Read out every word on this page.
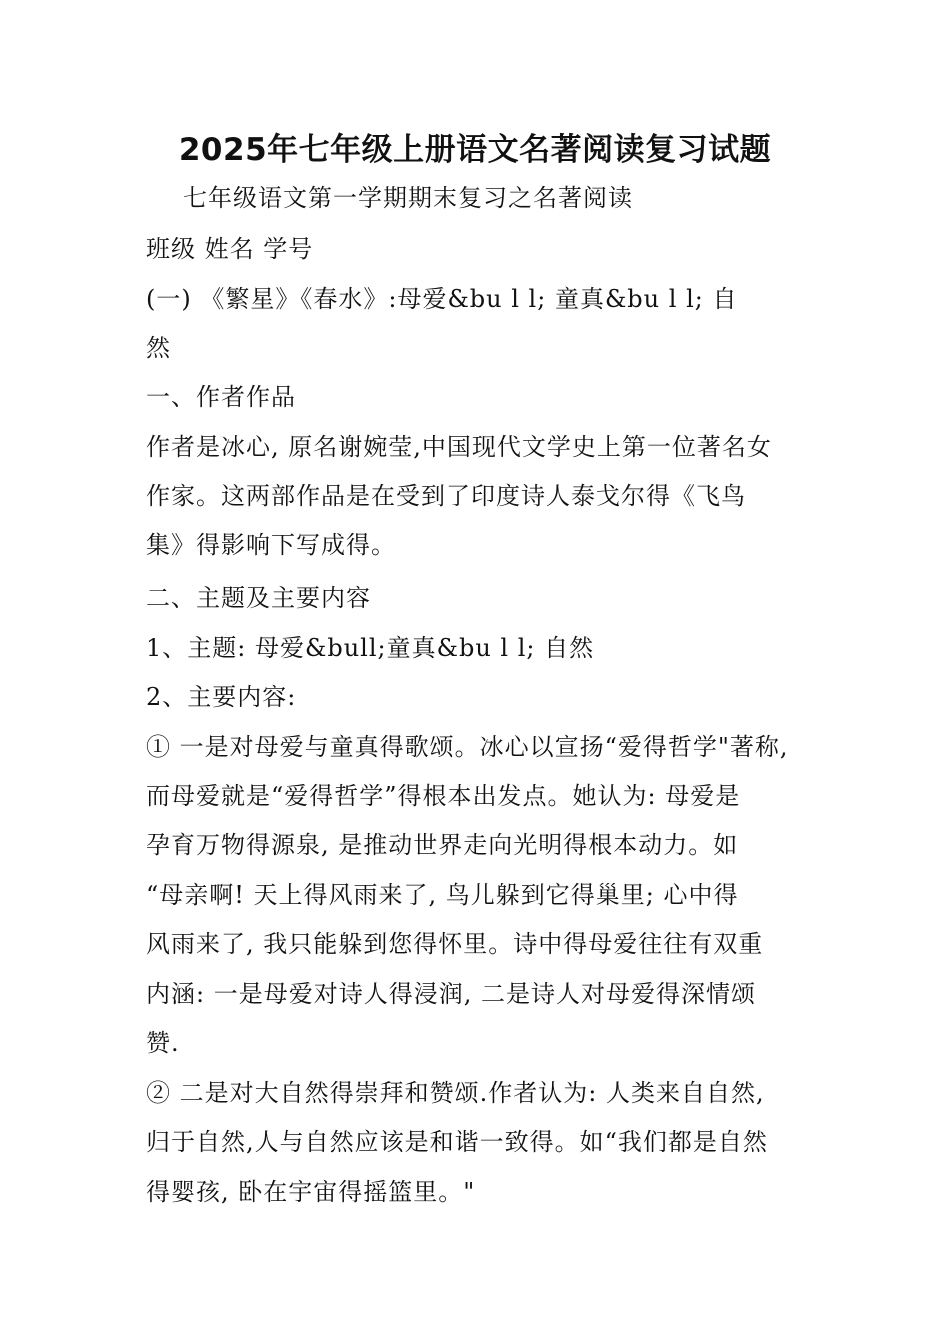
2025年七年级上册语文名著阅读复习试题
七年级语文第一学期期末复习之名著阅读
班级 姓名 学号
(一) 《繁星》《春水》:母爱&bu l l; 童真&bu l l; 自
然
一、作者作品
作者是冰心, 原名谢婉莹,中国现代文学史上第一位著名女
作家。这两部作品是在受到了印度诗人泰戈尔得《飞鸟
集》得影响下写成得。
二、主题及主要内容
1、主题: 母爱&bull;童真&bu l l; 自然
2、主要内容:
① 一是对母爱与童真得歌颂。冰心以宣扬“爱得哲学"著称,
而母爱就是“爱得哲学”得根本出发点。她认为: 母爱是
孕育万物得源泉, 是推动世界走向光明得根本动力。如
“母亲啊! 天上得风雨来了, 鸟儿躲到它得巢里; 心中得
风雨来了, 我只能躲到您得怀里。诗中得母爱往往有双重
内涵: 一是母爱对诗人得浸润, 二是诗人对母爱得深情颂
赞.
② 二是对大自然得崇拜和赞颂.作者认为: 人类来自自然,
归于自然,人与自然应该是和谐一致得。如“我们都是自然
得婴孩, 卧在宇宙得摇篮里。"
